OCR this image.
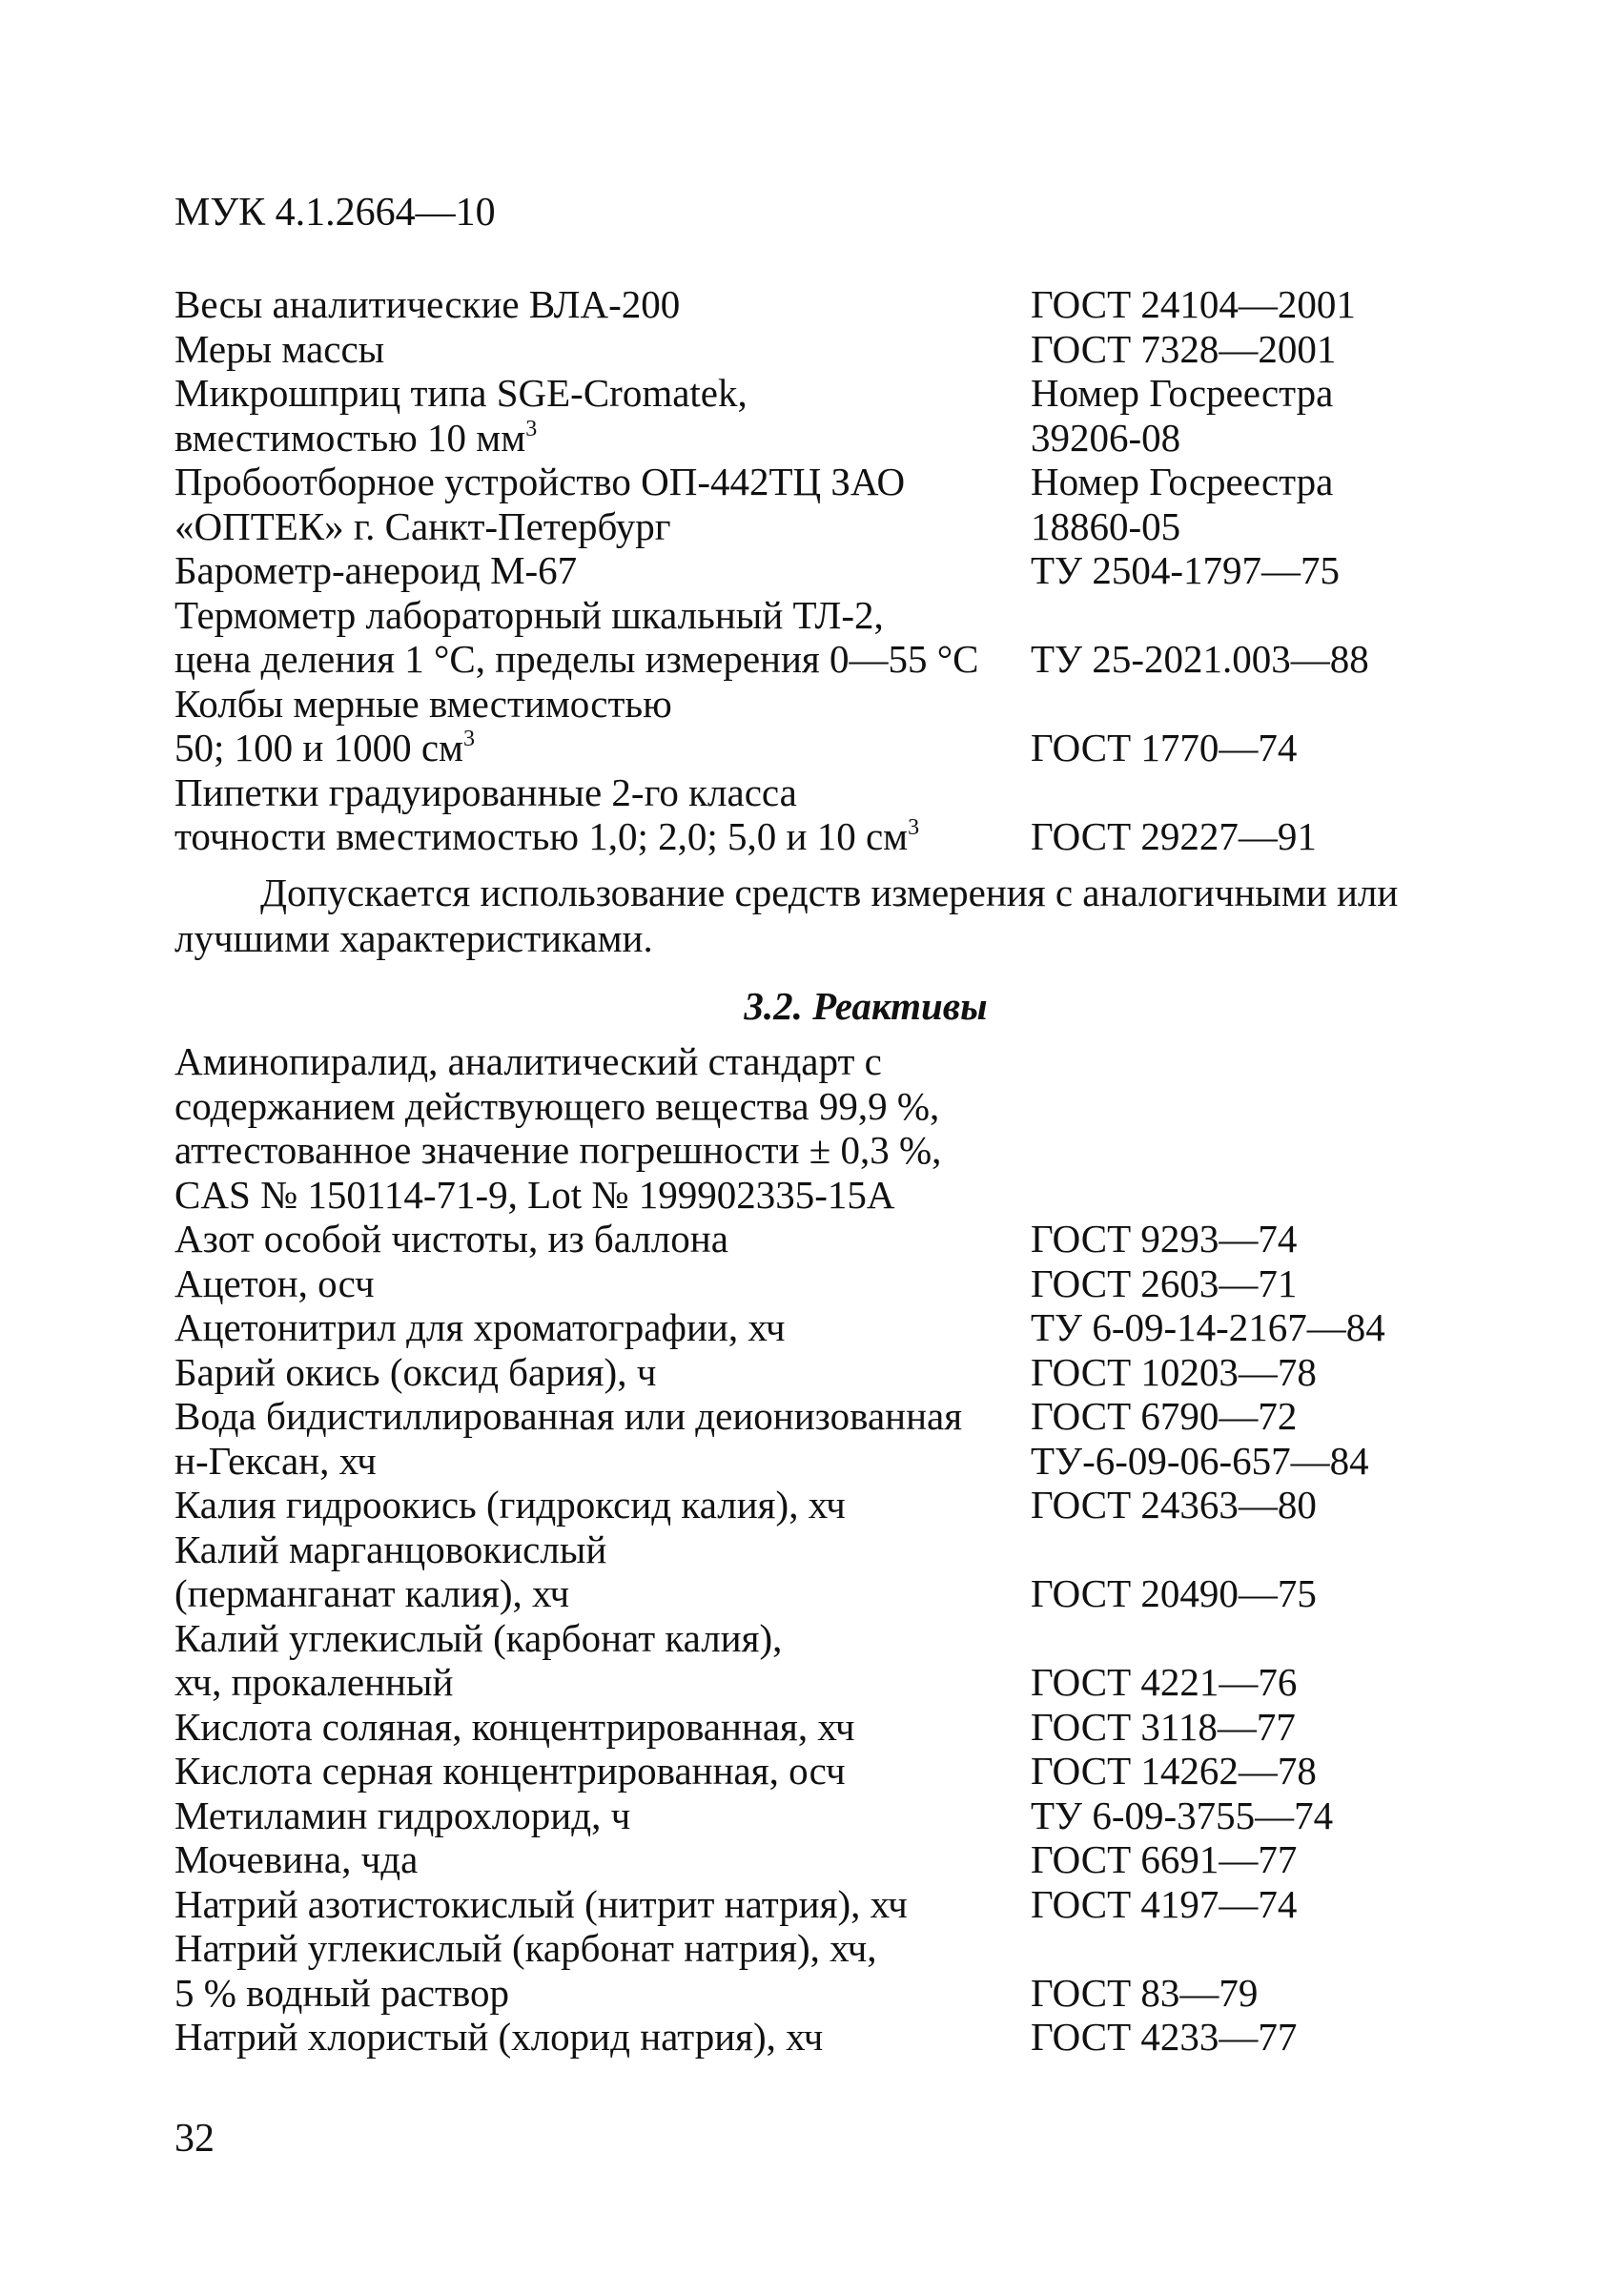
МУК 4.1.2664—10
Весы аналитические ВЛА-200	ГОСТ 24104—2001
Меры массы	ГОСТ 7328—2001
Микрошприц типа SGE-Cromatek,	Номер Госреестра
вместимостью 10 $мм^3$	39206-08
Пробоотборное устройство ОП-442ТЦ ЗАО	Номер Госреестра
«ОПТЕК» г. Санкт-Петербург	18860-05
Барометр-анероид М-67	ТУ 2504-1797—75
Термометр лабораторный шкальный ТЛ-2,
цена деления 1 °С, пределы измерения 0—55 °С ТУ 25-2021.003—88
Колбы мерные вместимостью
50; 100 и 1000 $см^3$	ГОСТ 1770—74
Пипетки градуированные 2-го класса
точности вместимостью 1,0; 2,0; 5,0 и 10 $см^3$	ГОСТ 29227—91
Допускается использование средств измерения с аналогичными или
лучшими характеристиками.
3.2. Реактивы
Аминопиралид, аналитический стандарт с
содержанием действующего вещества 99,9 %,
аттестованное значение погрешности ± 0,3 %,
CAS № 150114-71-9, Lot № 199902335-15A
Азот особой чистоты, из баллона	ГОСТ 9293—74
Ацетон, осч	ГОСТ 2603—71
Ацетонитрил для хроматографии, хч	ТУ 6-09-14-2167—84
Барий окись (оксид бария), ч	ГОСТ 10203—78
Вода бидистиллированная или деионизованная ГОСТ 6790—72
н-Гексан, хч	ТУ-6-09-06-657—84
Калия гидроокись (гидроксид калия), хч	ГОСТ 24363—80
Калий марганцовокислый
(перманганат калия), хч	ГОСТ 20490—75
Калий углекислый (карбонат калия),
хч, прокаленный	ГОСТ 4221—76
Кислота соляная, концентрированная, хч	ГОСТ 3118—77
Кислота серная концентрированная, осч	ГОСТ 14262—78
Метиламин гидрохлорид, ч	ТУ 6-09-3755—74
Мочевина, чда	ГОСТ 6691—77
Натрий азотистокислый (нитрит натрия), хч	ГОСТ 4197—74
Натрий углекислый (карбонат натрия), хч,
5 % водный раствор	ГОСТ 83—79
Натрий хлористый (хлорид натрия), хч	ГОСТ 4233—77
32
